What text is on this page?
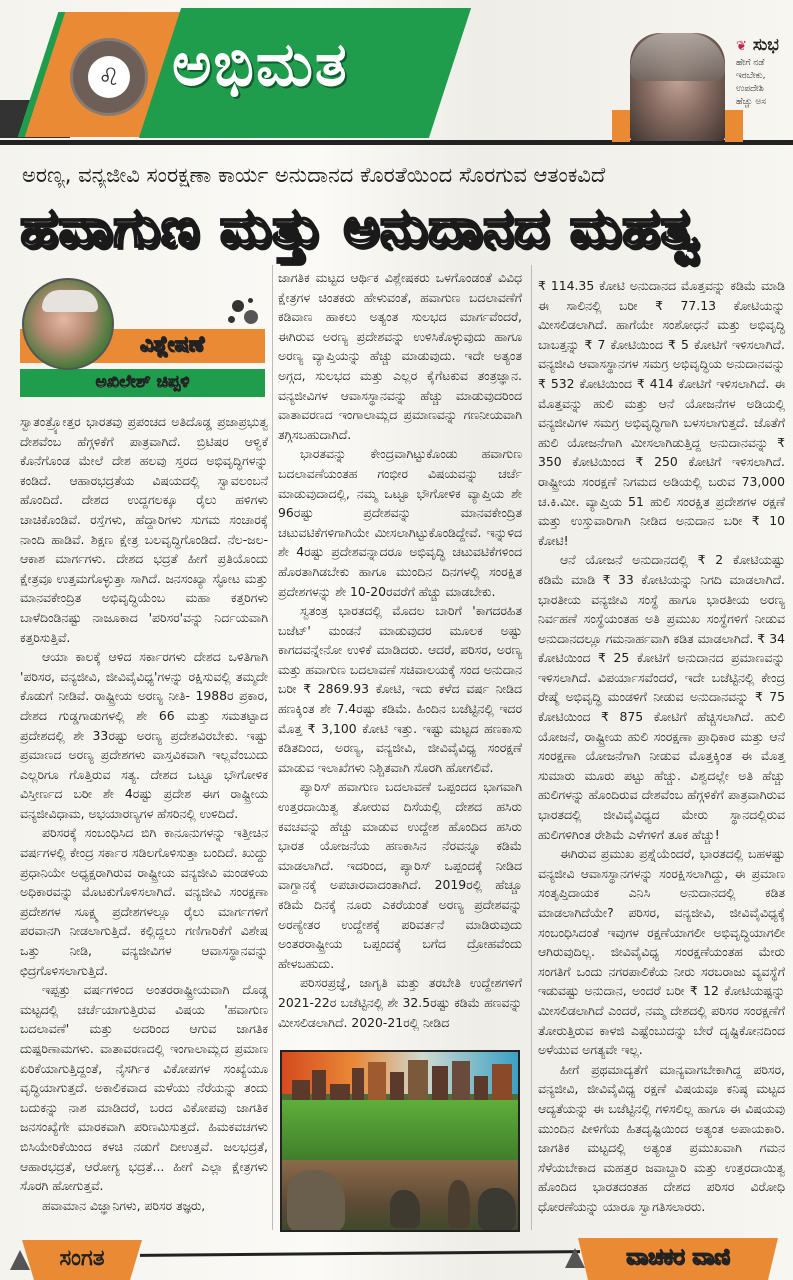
♌ ಅಭಿಮತ	❦ ಸುಭ
ಹೇಗೆ ನಡೆ
ಇರಬೇಕು,
ಉಪದೇಶಿ
ಹೆಚ್ಚು ಅಸ
ಅರಣ್ಯ, ವನ್ಯಜೀವಿ ಸಂರಕ್ಷಣಾ ಕಾರ್ಯ ಅನುದಾನದ ಕೊರತೆಯಿಂದ ಸೊರಗುವ ಆತಂಕವಿದೆ
ಹವಾಗುಣ ಮತ್ತು ಅನುದಾನದ ಮಹತ್ವ
ವಿಶ್ಲೇಷಣೆ
ಅಖಿಲೇಶ್ ಚಿಪ್ಪಳಿ

ಸ್ವಾತಂತ್ರ್ಯೋತ್ತರ ಭಾರತವು ಪ್ರಪಂಚದ ಅತಿದೊಡ್ಡ ಪ್ರಜಾಪ್ರಭುತ್ವ ದೇಶವೆಂಬ ಹೆಗ್ಗಳಿಕೆಗೆ ಪಾತ್ರವಾಗಿದೆ. ಬ್ರಿಟಿಷರ ಆಳ್ವಿಕೆ ಕೊನೆಗೊಂಡ ಮೇಲೆ ದೇಶ ಹಲವು ಸ್ತರದ ಅಭಿವೃದ್ಧಿಗಳನ್ನು ಕಂಡಿದೆ. ಆಹಾರಭದ್ರತೆಯ ವಿಷಯದಲ್ಲಿ ಸ್ವಾವಲಂಬನೆ ಹೊಂದಿದೆ. ದೇಶದ ಉದ್ದಗಲಕ್ಕೂ ರೈಲು ಹಳಿಗಳು ಚಾಚಿಕೊಂಡಿವೆ. ರಸ್ತೆಗಳು, ಹೆದ್ದಾರಿಗಳು ಸುಗಮ ಸಂಚಾರಕ್ಕೆ ನಾಂದಿ ಹಾಡಿವೆ. ಶಿಕ್ಷಣ ಕ್ಷೇತ್ರ ಬಲವೃದ್ಧಿಗೊಂಡಿದೆ. ನೆಲ-ಜಲ-ಆಕಾಶ ಮಾರ್ಗಗಳು. ದೇಶದ ಭದ್ರತೆ ಹೀಗೆ ಪ್ರತಿಯೊಂದು ಕ್ಷೇತ್ರವೂ ಉತ್ತಮಗೊಳ್ಳುತ್ತಾ ಸಾಗಿದೆ. ಜನಸಂಖ್ಯಾ ಸ್ಫೋಟ ಮತ್ತು ಮಾನವಕೇಂದ್ರಿತ ಅಭಿವೃದ್ಧಿಯೆಂಬ ಮಹಾ ಕತ್ತರಿಗಳು ಬಾಳೆದಿಂಡಿನಷ್ಟು ನಾಜೂಕಾದ 'ಪರಿಸರ'ವನ್ನು ನಿರ್ದಯವಾಗಿ ಕತ್ತರಿಸುತ್ತಿವೆ.

ಆಯಾ ಕಾಲಕ್ಕೆ ಆಳಿದ ಸರ್ಕಾರಗಳು ದೇಶದ ಒಳಿತಿಗಾಗಿ 'ಪರಿಸರ, ವನ್ಯಜೀವಿ, ಜೀವಿವೈವಿಧ್ಯ'ಗಳನ್ನು ರಕ್ಷಿಸುವಲ್ಲಿ ತಮ್ಮದೇ ಕೊಡುಗೆ ನೀಡಿವೆ. ರಾಷ್ಟ್ರೀಯ ಅರಣ್ಯ ನೀತಿ- 1988ರ ಪ್ರಕಾರ, ದೇಶದ ಗುಡ್ಡಗಾಡುಗಳಲ್ಲಿ ಶೇ 66 ಮತ್ತು ಸಮತಟ್ಟಾದ ಪ್ರದೇಶದಲ್ಲಿ ಶೇ 33ರಷ್ಟು ಅರಣ್ಯ ಪ್ರದೇಶವಿರಬೇಕು. ಇಷ್ಟು ಪ್ರಮಾಣದ ಅರಣ್ಯ ಪ್ರದೇಶಗಳು ವಾಸ್ತವಿಕವಾಗಿ ಇಲ್ಲವೆಂಬುದು ಎಲ್ಲರಿಗೂ ಗೊತ್ತಿರುವ ಸತ್ಯ. ದೇಶದ ಒಟ್ಟೂ ಭೌಗೋಳಿಕ ವಿಸ್ತೀರ್ಣದ ಬರೀ ಶೇ 4ರಷ್ಟು ಪ್ರದೇಶ ಈಗ ರಾಷ್ಟ್ರೀಯ ವನ್ಯಜೀವಿಧಾಮ, ಅಭಯಾರಣ್ಯಗಳ ಹೆಸರಿನಲ್ಲಿ ಉಳಿದಿದೆ.

ಪರಿಸರಕ್ಕೆ ಸಂಬಂಧಿಸಿದ ಬಿಗಿ ಕಾನೂನುಗಳನ್ನು ಇತ್ತೀಚಿನ ವರ್ಷಗಳಲ್ಲಿ ಕೇಂದ್ರ ಸರ್ಕಾರ ಸಡಿಲಗೊಳಿಸುತ್ತಾ ಬಂದಿದೆ. ಖುದ್ದು ಪ್ರಧಾನಿಯೇ ಅಧ್ಯಕ್ಷರಾಗಿರುವ ರಾಷ್ಟ್ರೀಯ ವನ್ಯಜೀವಿ ಮಂಡಳಿಯ ಅಧಿಕಾರವನ್ನು ಮೊಟಕುಗೊಳಿಸಲಾಗಿದೆ. ವನ್ಯಜೀವಿ ಸಂರಕ್ಷಣಾ ಪ್ರದೇಶಗಳ ಸೂಕ್ಷ್ಮ ಪ್ರದೇಶಗಳಲ್ಲೂ ರೈಲು ಮಾರ್ಗಗಳಿಗೆ ಪರವಾನಗಿ ನೀಡಲಾಗುತ್ತಿದೆ. ಕಲ್ಲಿದ್ದಲು ಗಣಿಗಾರಿಕೆಗೆ ವಿಶೇಷ ಒತ್ತು ನೀಡಿ, ವನ್ಯಜೀವಿಗಳ ಆವಾಸಸ್ಥಾನವನ್ನು ಛಿದ್ರಗೊಳಿಸಲಾಗುತ್ತಿದೆ.

ಇಪ್ಪತ್ತು ವರ್ಷಗಳಿಂದ ಅಂತರರಾಷ್ಟ್ರೀಯವಾಗಿ ದೊಡ್ಡ ಮಟ್ಟದಲ್ಲಿ ಚರ್ಚೆಯಾಗುತ್ತಿರುವ ವಿಷಯ 'ಹವಾಗುಣ ಬದಲಾವಣೆ' ಮತ್ತು ಅದರಿಂದ ಆಗುವ ಜಾಗತಿಕ ದುಷ್ಪರಿಣಾಮಗಳು. ವಾತಾವರಣದಲ್ಲಿ ಇಂಗಾಲಾಮ್ಲದ ಪ್ರಮಾಣ ಏರಿಕೆಯಾಗುತ್ತಿದ್ದಂತೆ, ನೈಸರ್ಗಿಕ ವಿಕೋಪಗಳ ಸಂಖ್ಯೆಯೂ ವೃದ್ಧಿಯಾಗುತ್ತದೆ. ಅಕಾಲಿಕವಾದ ಮಳೆಯು ನೆರೆಯನ್ನು ತಂದು ಬದುಕನ್ನು ನಾಶ ಮಾಡಿದರೆ, ಬರದ ವಿಕೋಪವು ಜಾಗತಿಕ ಜನಸಂಖ್ಯೆಗೇ ಮಾರಕವಾಗಿ ಪರಿಣಮಿಸುತ್ತದೆ. ಹಿಮಕವಚಗಳು ಬಿಸಿಯೇರಿಕೆಯಿಂದ ಕಳಚಿ ನಡುಗೆ ದೀಉತ್ತವೆ. ಜಲಭದ್ರತೆ, ಆಹಾರಭದ್ರತೆ, ಆರೋಗ್ಯ ಭದ್ರತೆ... ಹೀಗೆ ಎಲ್ಲಾ ಕ್ಷೇತ್ರಗಳು ಸೊರಗಿ ಹೋಗುತ್ತವೆ.

ಹವಾಮಾನ ವಿಜ್ಞಾನಿಗಳು, ಪರಿಸರ ತಜ್ಞರು,

ಜಾಗತಿಕ ಮಟ್ಟದ ಆರ್ಥಿಕ ವಿಶ್ಲೇಷಕರು ಒಳಗೊಂಡಂತೆ ವಿವಿಧ ಕ್ಷೇತ್ರಗಳ ಚಿಂತಕರು ಹೇಳುವಂತೆ, ಹವಾಗುಣ ಬದಲಾವಣೆಗೆ ಕಡಿವಾಣ ಹಾಕಲು ಅತ್ಯಂತ ಸುಲಭದ ಮಾರ್ಗವೆಂದರೆ, ಈಗಿರುವ ಅರಣ್ಯ ಪ್ರದೇಶವನ್ನು ಉಳಿಸಿಕೊಳ್ಳುವುದು ಹಾಗೂ ಅರಣ್ಯ ವ್ಯಾಪ್ತಿಯನ್ನು ಹೆಚ್ಚು ಮಾಡುವುದು. ಇದೇ ಅತ್ಯಂತ ಅಗ್ಗದ, ಸುಲಭದ ಮತ್ತು ಎಲ್ಲರ ಕೈಗೆಟಕುವ ತಂತ್ರಜ್ಞಾನ. ವನ್ಯಜೀವಿಗಳ ಆವಾಸಸ್ಥಾನವನ್ನು ಹೆಚ್ಚು ಮಾಡುವುದರಿಂದ ವಾತಾವರಣದ ಇಂಗಾಲಾಮ್ಲದ ಪ್ರಮಾಣವನ್ನು ಗಣನೀಯವಾಗಿ ತಗ್ಗಿಸಬಹುದಾಗಿದೆ.

ಭಾರತವನ್ನು ಕೇಂದ್ರವಾಗಿಟ್ಟುಕೊಂಡು ಹವಾಗುಣ ಬದಲಾವಣೆಯಂತಹ ಗಂಭೀರ ವಿಷಯವನ್ನು ಚರ್ಚೆ ಮಾಡುವುದಾದಲ್ಲಿ, ನಮ್ಮ ಒಟ್ಟೂ ಭೌಗೋಳಿಕ ವ್ಯಾಪ್ತಿಯ ಶೇ 96ರಷ್ಟು ಪ್ರದೇಶವನ್ನು ಮಾನವಕೇಂದ್ರಿತ ಚಟುವಟಿಕೆಗಳಿಗಾಗಿಯೇ ಮೀಸಲಾಗಿಟ್ಟುಕೊಂಡಿದ್ದೇವೆ. ಇನ್ನುಳಿದ ಶೇ 4ರಷ್ಟು ಪ್ರದೇಶವನ್ನಾದರೂ ಅಭಿವೃದ್ಧಿ ಚಟುವಟಿಕೆಗಳಿಂದ ಹೊರತಾಗಿಡಬೇಕು ಹಾಗೂ ಮುಂದಿನ ದಿನಗಳಲ್ಲಿ ಸಂರಕ್ಷಿತ ಪ್ರದೇಶಗಳನ್ನು ಶೇ 10-20ರವರೆಗೆ ಹೆಚ್ಚು ಮಾಡಬೇಕು.

ಸ್ವತಂತ್ರ ಭಾರತದಲ್ಲಿ ಮೊದಲ ಬಾರಿಗೆ 'ಕಾಗದರಹಿತ ಬಜೆಟ್' ಮಂಡನೆ ಮಾಡುವುದರ ಮೂಲಕ ಅಷ್ಟು ಕಾಗದವನ್ನೇನೋ ಉಳಿಕೆ ಮಾಡಿದರು. ಆದರೆ, ಪರಿಸರ, ಅರಣ್ಯ ಮತ್ತು ಹವಾಗುಣ ಬದಲಾವಣೆ ಸಚಿವಾಲಯಕ್ಕೆ ಸಂದ ಅನುದಾನ ಬರೀ ₹ 2869.93 ಕೋಟಿ, ಇದು ಕಳೆದ ವರ್ಷ ನೀಡಿದ ಹಣಕ್ಕಿಂತ ಶೇ 7.4ರಷ್ಟು ಕಡಿಮೆ. ಹಿಂದಿನ ಬಜೆಟ್ಟಿನಲ್ಲಿ ಇದರ ಮೊತ್ತ ₹ 3,100 ಕೋಟಿ ಇತ್ತು. ಇಷ್ಟು ಮಟ್ಟದ ಹಣಕಾಸು ಕಡಿತದಿಂದ, ಅರಣ್ಯ, ವನ್ಯಜೀವಿ, ಜೀವಿವೈವಿಧ್ಯ ಸಂರಕ್ಷಣೆ ಮಾಡುವ ಇಲಾಖೆಗಳು ನಿಶ್ಚಿತವಾಗಿ ಸೊರಗಿ ಹೋಗಲಿವೆ.

ಪ್ಯಾರಿಸ್ ಹವಾಗುಣ ಬದಲಾವಣೆ ಒಪ್ಪಂದದ ಭಾಗವಾಗಿ ಉತ್ತರದಾಯಿತ್ವ ತೋರುವ ದಿಸೆಯಲ್ಲಿ ದೇಶದ ಹಸಿರು ಕವಚವನ್ನು ಹೆಚ್ಚು ಮಾಡುವ ಉದ್ದೇಶ ಹೊಂದಿದ ಹಸಿರು ಭಾರತ ಯೋಜನೆಯ ಹಣಕಾಸಿನ ನೆರವನ್ನೂ ಕಡಿಮೆ ಮಾಡಲಾಗಿದೆ. ಇದರಿಂದ, ಪ್ಯಾರಿಸ್ ಒಪ್ಪಂದಕ್ಕೆ ನೀಡಿದ ವಾಗ್ದಾನಕ್ಕೆ ಅಪಚಾರವಾದಂತಾಗಿದೆ. 2019ರಲ್ಲಿ ಹೆಚ್ಚೂ ಕಡಿಮೆ ದಿನಕ್ಕೆ ನೂರು ಎಕರೆಯಂತೆ ಅರಣ್ಯ ಪ್ರದೇಶವನ್ನು ಅರಣ್ಯೇತರ ಉದ್ದೇಶಕ್ಕೆ ಪರಿವರ್ತನೆ ಮಾಡಿರುವುದು ಅಂತರರಾಷ್ಟ್ರೀಯ ಒಪ್ಪಂದಕ್ಕೆ ಬಗೆದ ದ್ರೋಹವೆಂದು ಹೇಳಬಹುದು.

ಪರಿಸರಪ್ರಜ್ಞೆ, ಜಾಗೃತಿ ಮತ್ತು ತರಬೇತಿ ಉದ್ದೇಶಗಳಿಗೆ 2021-22ರ ಬಜೆಟ್ಟಿನಲ್ಲಿ ಶೇ 32.5ರಷ್ಟು ಕಡಿಮೆ ಹಣವನ್ನು ಮೀಸಲಿಡಲಾಗಿದೆ. 2020-21ರಲ್ಲಿ ನೀಡಿದ

₹ 114.35 ಕೋಟಿ ಅನುದಾನದ ಮೊತ್ತವನ್ನು ಕಡಿಮೆ ಮಾಡಿ ಈ ಸಾಲಿನಲ್ಲಿ ಬರೀ ₹ 77.13 ಕೋಟಿಯನ್ನು ಮೀಸಲಿಡಲಾಗಿದೆ. ಹಾಗೆಯೇ ಸಂಶೋಧನೆ ಮತ್ತು ಅಭಿವೃದ್ಧಿ ಬಾಬತ್ತನ್ನು ₹ 7 ಕೋಟಿಯಿಂದ ₹ 5 ಕೋಟಿಗೆ ಇಳಿಸಲಾಗಿದೆ. ವನ್ಯಜೀವಿ ಆವಾಸಸ್ಥಾನಗಳ ಸಮಗ್ರ ಅಭಿವೃದ್ಧಿಯ ಅನುದಾನವನ್ನು ₹ 532 ಕೋಟಿಯಿಂದ ₹ 414 ಕೋಟಿಗೆ ಇಳಿಸಲಾಗಿದೆ. ಈ ಮೊತ್ತವನ್ನು ಹುಲಿ ಮತ್ತು ಆನೆ ಯೋಜನೆಗಳ ಅಡಿಯಲ್ಲಿ ವನ್ಯಜೀವಿಗಳ ಸಮಗ್ರ ಅಭಿವೃದ್ಧಿಗಾಗಿ ಬಳಸಲಾಗುತ್ತದೆ. ಜೊತೆಗೆ ಹುಲಿ ಯೋಜನೆಗಾಗಿ ಮೀಸಲಾಗಿಡುತ್ತಿದ್ದ ಅನುದಾನವನ್ನು ₹ 350 ಕೋಟಿಯಿಂದ ₹ 250 ಕೋಟಿಗೆ ಇಳಿಸಲಾಗಿದೆ. ರಾಷ್ಟ್ರೀಯ ಸಂರಕ್ಷಣೆ ನಿಗಮದ ಅಡಿಯಲ್ಲಿ ಬರುವ 73,000 ಚ.ಕಿ.ಮೀ. ವ್ಯಾಪ್ತಿಯ 51 ಹುಲಿ ಸಂರಕ್ಷಿತ ಪ್ರದೇಶಗಳ ರಕ್ಷಣೆ ಮತ್ತು ಉಸ್ತುವಾರಿಗಾಗಿ ನೀಡಿದ ಅನುದಾನ ಬರೀ ₹ 10 ಕೋಟಿ!

ಆನೆ ಯೋಜನೆ ಅನುದಾನದಲ್ಲಿ ₹ 2 ಕೋಟಿಯಷ್ಟು ಕಡಿಮೆ ಮಾಡಿ ₹ 33 ಕೋಟಿಯನ್ನು ನಿಗದಿ ಮಾಡಲಾಗಿದೆ. ಭಾರತೀಯ ವನ್ಯಜೀವಿ ಸಂಸ್ಥೆ ಹಾಗೂ ಭಾರತೀಯ ಅರಣ್ಯ ನಿರ್ವಹಣೆ ಸಂಸ್ಥೆಯಂತಹ ಅತಿ ಪ್ರಮುಖ ಸಂಸ್ಥೆಗಳಿಗೆ ನೀಡುವ ಅನುದಾನದಲ್ಲೂ ಗಮನಾರ್ಹವಾಗಿ ಕಡಿತ ಮಾಡಲಾಗಿದೆ. ₹ 34 ಕೋಟಿಯಿಂದ ₹ 25 ಕೋಟಿಗೆ ಅನುದಾನದ ಪ್ರಮಾಣವನ್ನು ಇಳಿಸಲಾಗಿದೆ. ವಿಪರ್ಯಾಸವೆಂದರೆ, ಇದೇ ಬಜೆಟ್ಟಿನಲ್ಲಿ ಕೇಂದ್ರ ರೇಷ್ಮೆ ಅಭಿವೃದ್ಧಿ ಮಂಡಳಿಗೆ ನೀಡುವ ಅನುದಾನವನ್ನು ₹ 75 ಕೋಟಿಯಿಂದ ₹ 875 ಕೋಟಿಗೆ ಹೆಚ್ಚಿಸಲಾಗಿದೆ. ಹುಲಿ ಯೋಜನೆ, ರಾಷ್ಟ್ರೀಯ ಹುಲಿ ಸಂರಕ್ಷಣಾ ಪ್ರಾಧಿಕಾರ ಮತ್ತು ಆನೆ ಸಂರಕ್ಷಣಾ ಯೋಜನೆಗಾಗಿ ನೀಡುವ ಮೊತ್ತಕ್ಕಿಂತ ಈ ಮೊತ್ತ ಸುಮಾರು ಮೂರು ಪಟ್ಟು ಹೆಚ್ಚು. ವಿಶ್ವದಲ್ಲೇ ಅತಿ ಹೆಚ್ಚು ಹುಲಿಗಳನ್ನು ಹೊಂದಿರುವ ದೇಶವೆಂಬ ಹೆಗ್ಗಳಿಕೆಗೆ ಪಾತ್ರವಾಗಿರುವ ಭಾರತದಲ್ಲಿ ಜೀವಿವೈವಿಧ್ಯದ ಮೇರು ಸ್ಥಾನದಲ್ಲಿರುವ ಹುಲಿಗಳಿಗಿಂತ ರೇಶಿಮೆ ಎಳೆಗಳಿಗೆ ತೂಕ ಹೆಚ್ಚು!

ಈಗಿರುವ ಪ್ರಮುಖ ಪ್ರಶ್ನೆಯೆಂದರೆ, ಭಾರತದಲ್ಲಿ ಬಹಳಷ್ಟು ವನ್ಯಜೀವಿ ಆವಾಸಸ್ಥಾನಗಳನ್ನು ಸಂರಕ್ಷಿಸಲಾಗಿದ್ದು, ಈ ಪ್ರಮಾಣ ಸಂತೃಪ್ತಿದಾಯಕ ಎನಿಸಿ ಅನುದಾನದಲ್ಲಿ ಕಡಿತ ಮಾಡಲಾಗಿದೆಯೇ? ಪರಿಸರ, ವನ್ಯಜೀವಿ, ಜೀವಿವೈವಿಧ್ಯಕ್ಕೆ ಸಂಬಂಧಿಸಿದಂತೆ ಇವುಗಳ ರಕ್ಷಣೆಯಾಗಲೀ ಅಭಿವೃದ್ಧಿಯಾಗಲೀ ಆಗಿರುವುದಿಲ್ಲ. ಜೀವಿವೈವಿಧ್ಯ ಸಂರಕ್ಷಣೆಯಂತಹ ಮೇರು ಸಂಗತಿಗೆ ಒಂದು ನಗರಪಾಲಿಕೆಯ ನೀರು ಸರಬರಾಜು ವ್ಯವಸ್ಥೆಗೆ ಇಡುವಷ್ಟು ಅನುದಾನ, ಅಂದರೆ ಬರೀ ₹ 12 ಕೋಟಿಯಷ್ಟನ್ನು ಮೀಸಲಿಡಲಾಗಿದೆ ಎಂದರೆ, ನಮ್ಮ ದೇಶದಲ್ಲಿ ಪರಿಸರ ಸಂರಕ್ಷಣೆಗೆ ತೋರುತ್ತಿರುವ ಕಾಳಜಿ ಎಷ್ಟೆಂಬುದನ್ನು ಬೇರೆ ದೃಷ್ಟಿಕೋನದಿಂದ ಅಳೆಯುವ ಅಗತ್ಯವೇ ಇಲ್ಲ.

ಹೀಗೆ ಪ್ರಥಮಾದ್ಯತೆಗೆ ಮಾನ್ಯವಾಗಬೇಕಾಗಿದ್ದ ಪರಿಸರ, ವನ್ಯಜೀವಿ, ಜೀವಿವೈವಿಧ್ಯ ರಕ್ಷಣೆ ವಿಷಯವೂ ಕನಿಷ್ಠ ಮಟ್ಟದ ಆದ್ಯತೆಯನ್ನು ಈ ಬಜೆಟ್ಟಿನಲ್ಲಿ ಗಳಿಸಲಿಲ್ಲ ಹಾಗೂ ಈ ವಿಷಯವು ಮುಂದಿನ ಪೀಳಿಗೆಯ ಹಿತದೃಷ್ಟಿಯಿಂದ ಅತ್ಯಂತ ಅಪಾಯಕಾರಿ. ಜಾಗತಿಕ ಮಟ್ಟದಲ್ಲಿ ಅತ್ಯಂತ ಪ್ರಮುಖವಾಗಿ ಗಮನ ಸೆಳೆಯಬೇಕಾದ ಮಹತ್ತರ ಜವಾಬ್ದಾರಿ ಮತ್ತು ಉತ್ತರದಾಯಿತ್ವ ಹೊಂದಿದ ಭಾರತದಂತಹ ದೇಶದ ಪರಿಸರ ವಿರೋಧಿ ಧೋರಣೆಯನ್ನು ಯಾರೂ ಸ್ವಾಗತಿಸಲಾರರು.

ಸಂಗತ	ವಾಚಕರ ವಾಣಿ
